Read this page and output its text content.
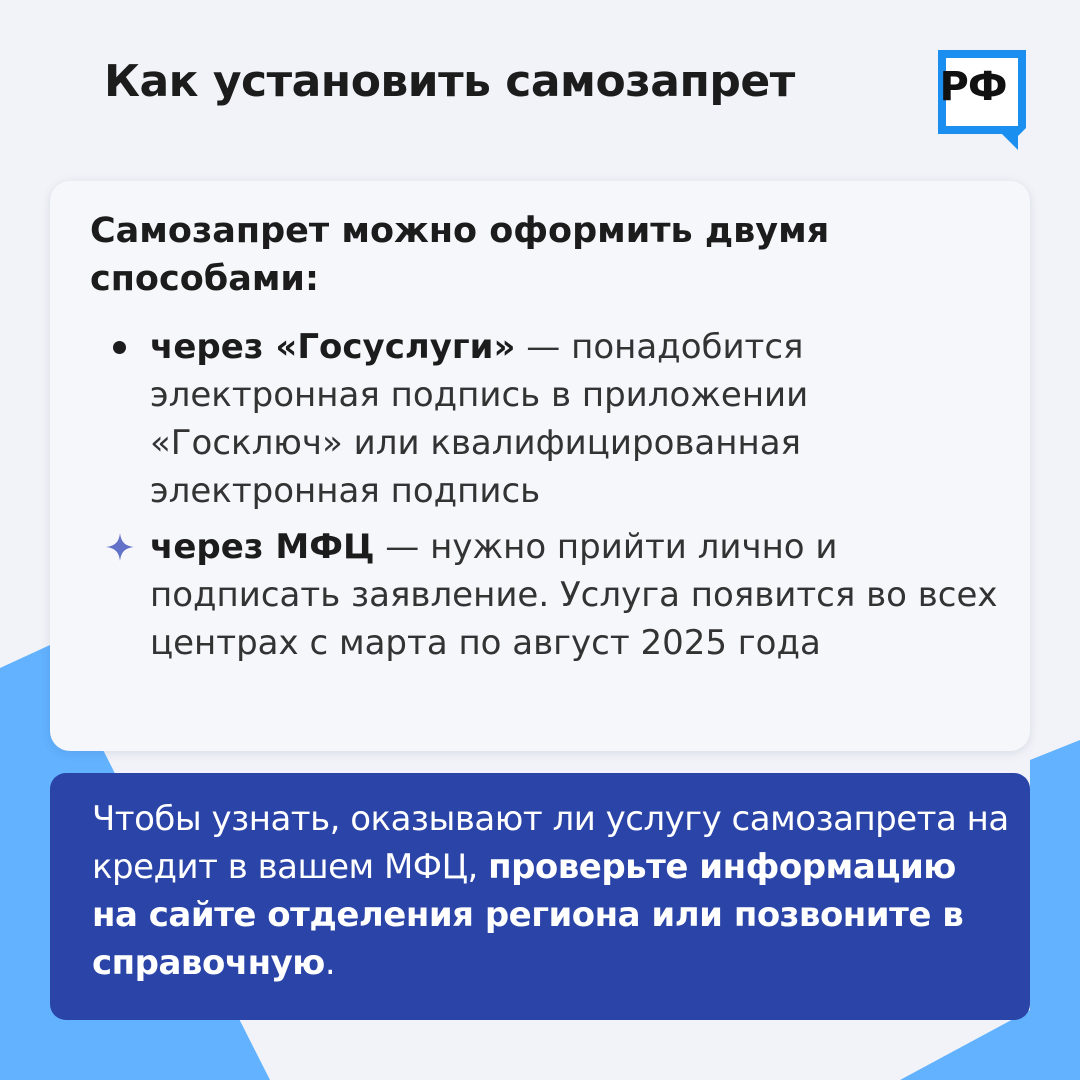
Как установить самозапрет	РФ

Самозапрет можно оформить двумя способами:

через «Госуслуги» — понадобится электронная подпись в приложении «Госключ» или квалифицированная электронная подпись

через МФЦ — нужно прийти лично и подписать заявление. Услуга появится во всех центрах с марта по август 2025 года

Чтобы узнать, оказывают ли услугу самозапрета на кредит в вашем МФЦ, проверьте информацию на сайте отделения региона или позвоните в справочную.
